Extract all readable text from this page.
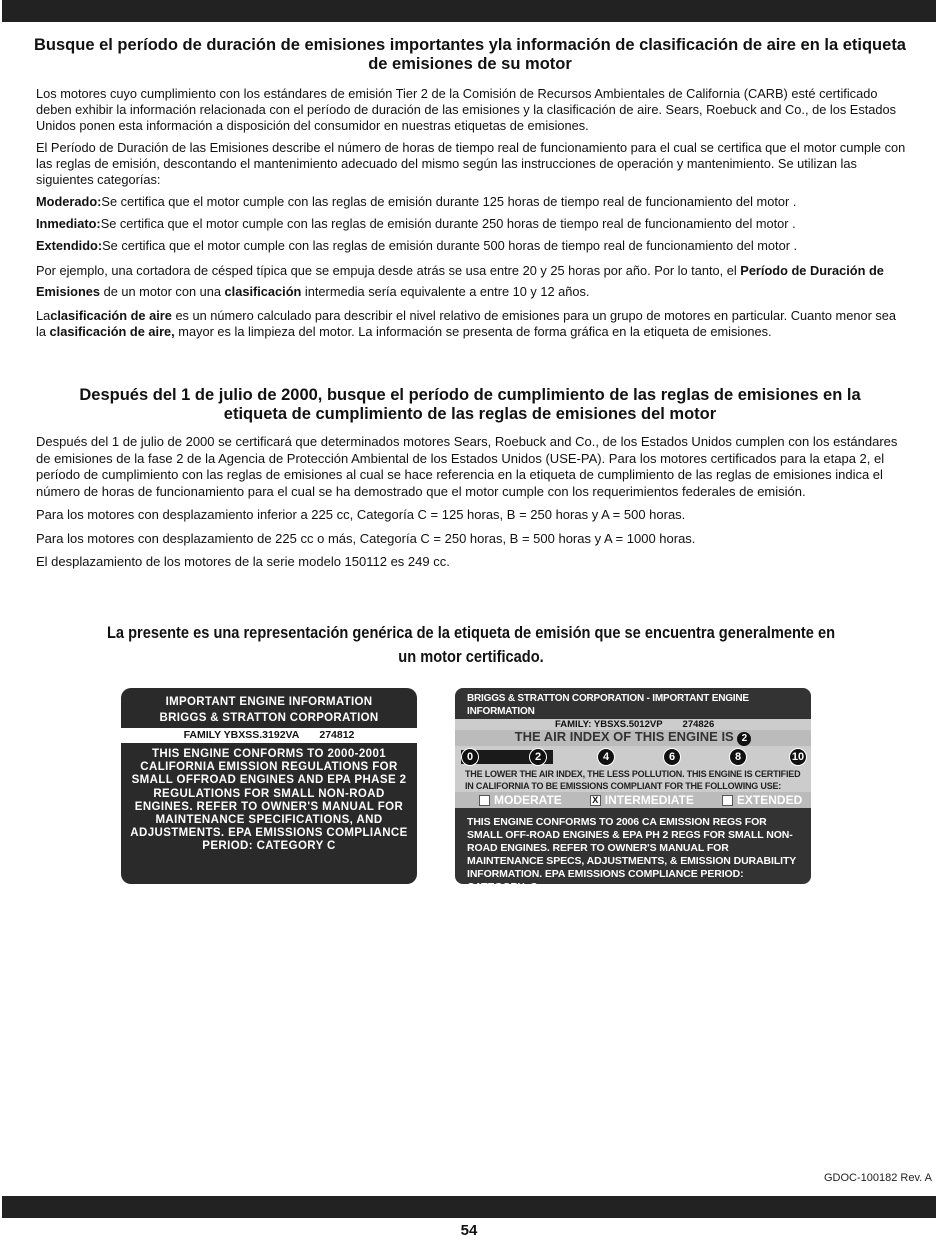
Busque el período de duración de emisiones importantes yla información de clasificación de aire en la etiqueta de emisiones de su motor

Los motores cuyo cumplimiento con los estándares de emisión Tier 2 de la Comisión de Recursos Ambientales de California (CARB) esté certificado deben exhibir la información relacionada con el período de duración de las emisiones y la clasificación de aire. Sears, Roebuck and Co., de los Estados Unidos ponen esta información a disposición del consumidor en nuestras etiquetas de emisiones.

El Período de Duración de las Emisiones describe el número de horas de tiempo real de funcionamiento para el cual se certifica que el motor cumple con las reglas de emisión, descontando el mantenimiento adecuado del mismo según las instrucciones de operación y mantenimiento. Se utilizan las siguientes categorías:

Moderado:Se certifica que el motor cumple con las reglas de emisión durante 125 horas de tiempo real de funcionamiento del motor .

Inmediato:Se certifica que el motor cumple con las reglas de emisión durante 250 horas de tiempo real de funcionamiento del motor .

Extendido:Se certifica que el motor cumple con las reglas de emisión durante 500 horas de tiempo real de funcionamiento del motor .

Por ejemplo, una cortadora de césped típica que se empuja desde atrás se usa entre 20 y 25 horas por año. Por lo tanto, el Período de Duración de Emisiones de un motor con una clasificación intermedia sería equivalente a entre 10 y 12 años.

Laclasificación de aire es un número calculado para describir el nivel relativo de emisiones para un grupo de motores en particular. Cuanto menor sea la clasificación de aire, mayor es la limpieza del motor. La información se presenta de forma gráfica en la etiqueta de emisiones.

Después del 1 de julio de 2000, busque el período de cumplimiento de las reglas de emisiones en la etiqueta de cumplimiento de las reglas de emisiones del motor

Después del 1 de julio de 2000 se certificará que determinados motores Sears, Roebuck and Co., de los Estados Unidos cumplen con los estándares de emisiones de la fase 2 de la Agencia de Protección Ambiental de los Estados Unidos (USE-PA). Para los motores certificados para la etapa 2, el período de cumplimiento con las reglas de emisiones al cual se hace referencia en la etiqueta de cumplimiento de las reglas de emisiones indica el número de horas de funcionamiento para el cual se ha demostrado que el motor cumple con los requerimientos federales de emisión.

Para los motores con desplazamiento inferior a 225 cc, Categoría C = 125 horas, B = 250 horas y A = 500 horas.

Para los motores con desplazamiento de 225 cc o más, Categoría C = 250 horas, B = 500 horas y A = 1000 horas.

El desplazamiento de los motores de la serie modelo 150112 es 249 cc.

La presente es una representación genérica de la etiqueta de emisión que se encuentra generalmente en un motor certificado.
IMPORTANT ENGINE INFORMATION
BRIGGS & STRATTON CORPORATION
FAMILY YBXSS.3192VA 274812
THIS ENGINE CONFORMS TO 2000-2001 CALIFORNIA EMISSION REGULATIONS FOR SMALL OFFROAD ENGINES AND EPA PHASE 2 REGULATIONS FOR SMALL NON-ROAD ENGINES. REFER TO OWNER'S MANUAL FOR MAINTENANCE SPECIFICATIONS, AND ADJUSTMENTS. EPA EMISSIONS COMPLIANCE PERIOD: CATEGORY C
BRIGGS & STRATTON CORPORATION - IMPORTANT ENGINE INFORMATION
FAMILY: YBSXS.5012VP 274826
THE AIR INDEX OF THIS ENGINE IS 2
0	2	4	6	8	10
THE LOWER THE AIR INDEX, THE LESS POLLUTION. THIS ENGINE IS CERTIFIED IN CALIFORNIA TO BE EMISSIONS COMPLIANT FOR THE FOLLOWING USE:
MODERATE	X INTERMEDIATE	EXTENDED
THIS ENGINE CONFORMS TO 2006 CA EMISSION REGS FOR SMALL OFF-ROAD ENGINES & EPA PH 2 REGS FOR SMALL NON-ROAD ENGINES. REFER TO OWNER'S MANUAL FOR MAINTENANCE SPECS, ADJUSTMENTS, & EMISSION DURABILITY INFORMATION. EPA EMISSIONS COMPLIANCE PERIOD: CATEGORY: C
GDOC-100182 Rev. A
54
